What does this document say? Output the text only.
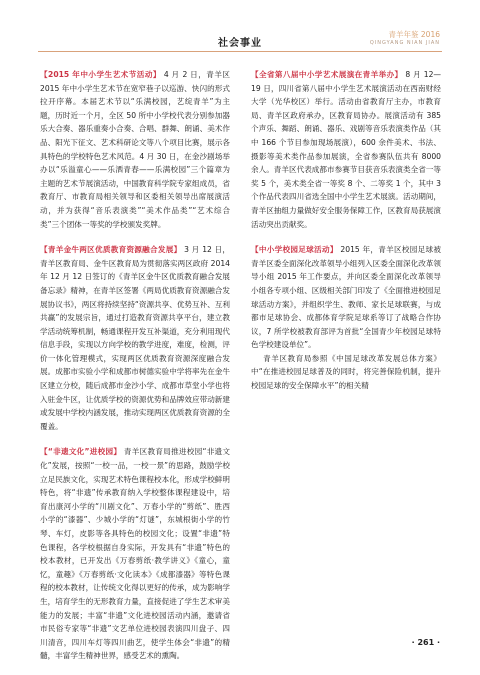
社会事业
青羊年鉴 2016
QINGYANG NIAN JIAN

【2015 年中小学生艺术节活动】 4 月 2 日，青羊区 2015 年中小学生艺术节在宽窄巷子以巡游、快闪的形式拉开序幕。本届艺术节以“乐满校园，艺绽青羊”为主题，历时近一个月，全区 50 所中小学校代表分别参加器乐大合奏、器乐重奏小合奏、合唱、群舞、朗诵、美术作品、阳光下征文、艺术科研论文等八个项目比赛，展示各具特色的学校特色艺术风范。4 月 30 日，在金沙剧场举办以“乐溢童心——乐洒青春——乐满校园”三个篇章为主题的艺术节展演活动，中国教育科学院专家组成员，省教育厅、市教育局相关领导和区委相关领导出席展演活动，并为获得“音乐表演类”“美术作品类”“艺术综合类”三个团体一等奖的学校颁发奖牌。

【青羊金牛两区优质教育资源融合发展】 3 月 12 日，青羊区教育局、金牛区教育局为贯彻落实两区政府 2014 年 12 月 12 日签订的《青羊区金牛区优质教育融合发展备忘录》精神，在青羊区签署《两局优质教育资源融合发展协议书》，两区将持续坚持“资源共享、优势互补、互利共赢”的发展宗旨，通过打造教育资源共享平台，建立教学活动统筹机制，畅通课程开发互补渠道，充分利用现代信息手段，实现以方向学校的教学进度，难度，检测，评价一体化管理模式，实现两区优质教育资源深度融合发展。成都市实验小学和成都市树德实验中学将率先在金牛区建立分校，随后成都市金沙小学、成都市草堂小学也将入驻金牛区，让优质学校的资源优势和品牌效应带动新建或发展中学校内涵发展，推动实现两区优质教育资源的全覆盖。

【“非遗文化”进校园】 青羊区教育局推进校园“非遗文化”发展，按照“一校一品，一校一景”的思路，鼓励学校立足民族文化，实现艺术特色课程校本化，形成学校鲜明特色，将“非遗”传承教育纳入学校整体课程建设中，培育出康河小学的“川剧文化”、万春小学的“剪纸”、胜西小学的“漆器”、少城小学的“灯谜”，东城根街小学的竹琴、车灯，皮影等各具特色的校园文化；设置“非遗”特色课程，各学校根据自身实际，开发具有“非遗”特色的校本教材，已开发出《万春剪纸·教学讲义》《童心，童忆，童趣》《万春剪纸·文化读本》《成都漆器》等特色课程的校本教材，让传统文化得以更好的传承，成为影响学生，培育学生的无形教育力量，直接促进了学生艺术审美能力的发展；丰富“非遗”文化进校园活动内涵，邀请省市民俗专家等“非遗”文艺单位进校园表演四川盘子、四川清音，四川车灯等四川曲艺，使学生体会“非遗”的精髓，丰富学生精神世界，感受艺术的熏陶。

【全省第八届中小学艺术展演在青羊举办】 8 月 12—19 日，四川省第八届中小学生艺术展演活动在西南财经大学（光华校区）举行。活动由省教育厅主办，市教育局、青羊区政府承办，区教育局协办。展演活动有 385 个声乐、舞蹈、朗诵、器乐、戏剧等音乐表演类作品（其中 166 个节目参加现场展演），600 余件美术、书法、摄影等美术类作品参加展演，全省参赛队伍共有 8000 余人。青羊区代表成都市参赛节目获音乐表演类全省一等奖 5 个，美术类全省一等奖 8 个、二等奖 1 个，其中 3 个作品代表四川省选全国中小学生艺术展演。活动期间，青羊区抽组力量做好安全服务保障工作，区教育局获展演活动突出贡献奖。

【中小学校园足球活动】 2015 年，青羊区校园足球被青羊区委全面深化改革领导小组列入区委全面深化改革领导小组 2015 年工作要点，并向区委全面深化改革领导小组各专项小组、区级相关部门印发了《全面推进校园足球活动方案》，并组织学生、教师、家长足球联赛，与成都市足球协会、成都体育学院足球系等订了战略合作协议，7 所学校被教育部评为首批“全国青少年校园足球特色学校建设单位”。

青羊区教育局参照《中国足球改革发展总体方案》中“在推进校园足球普及的同时，将完善保险机制，提升校园足球的安全保障水平”的相关精

· 261 ·
